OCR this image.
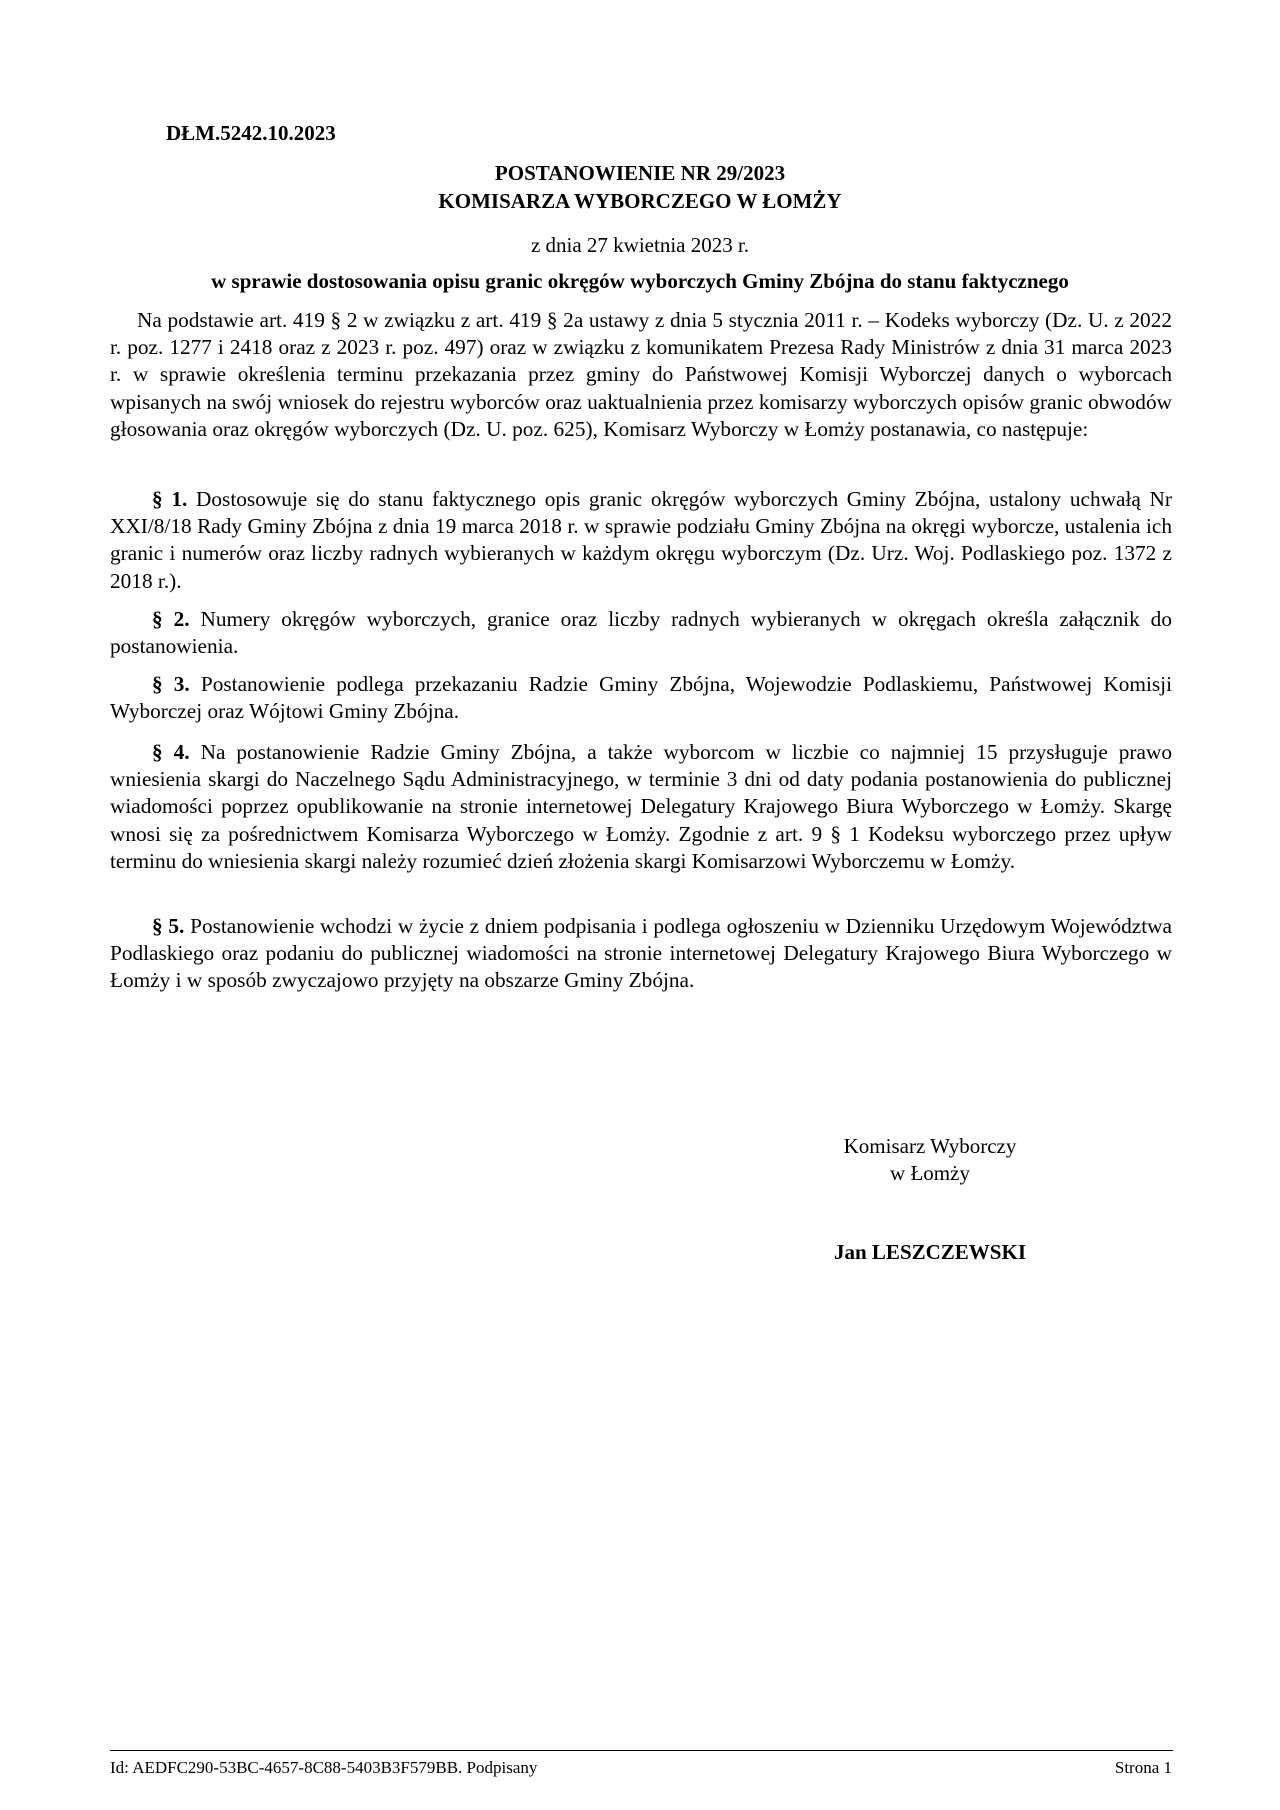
DŁM.5242.10.2023
POSTANOWIENIE NR 29/2023
KOMISARZA WYBORCZEGO W ŁOMŻY
z dnia 27 kwietnia 2023 r.
w sprawie dostosowania opisu granic okręgów wyborczych Gminy Zbójna do stanu faktycznego
Na podstawie art. 419 § 2 w związku z art. 419 § 2a ustawy z dnia 5 stycznia 2011 r. – Kodeks wyborczy (Dz. U. z 2022 r. poz. 1277 i 2418 oraz z 2023 r. poz. 497) oraz w związku z komunikatem Prezesa Rady Ministrów z dnia 31 marca 2023 r. w sprawie określenia terminu przekazania przez gminy do Państwowej Komisji Wyborczej danych o wyborcach wpisanych na swój wniosek do rejestru wyborców oraz uaktualnienia przez komisarzy wyborczych opisów granic obwodów głosowania oraz okręgów wyborczych (Dz. U. poz. 625), Komisarz Wyborczy w Łomży postanawia, co następuje:
§ 1. Dostosowuje się do stanu faktycznego opis granic okręgów wyborczych Gminy Zbójna, ustalony uchwałą Nr XXI/8/18 Rady Gminy Zbójna z dnia 19 marca 2018 r. w sprawie podziału Gminy Zbójna na okręgi wyborcze, ustalenia ich granic i numerów oraz liczby radnych wybieranych w każdym okręgu wyborczym (Dz. Urz. Woj. Podlaskiego poz. 1372 z 2018 r.).
§ 2. Numery okręgów wyborczych, granice oraz liczby radnych wybieranych w okręgach określa załącznik do postanowienia.
§ 3. Postanowienie podlega przekazaniu Radzie Gminy Zbójna, Wojewodzie Podlaskiemu, Państwowej Komisji Wyborczej oraz Wójtowi Gminy Zbójna.
§ 4. Na postanowienie Radzie Gminy Zbójna, a także wyborcom w liczbie co najmniej 15 przysługuje prawo wniesienia skargi do Naczelnego Sądu Administracyjnego, w terminie 3 dni od daty podania postanowienia do publicznej wiadomości poprzez opublikowanie na stronie internetowej Delegatury Krajowego Biura Wyborczego w Łomży. Skargę wnosi się za pośrednictwem Komisarza Wyborczego w Łomży. Zgodnie z art. 9 § 1 Kodeksu wyborczego przez upływ terminu do wniesienia skargi należy rozumieć dzień złożenia skargi Komisarzowi Wyborczemu w Łomży.
§ 5. Postanowienie wchodzi w życie z dniem podpisania i podlega ogłoszeniu w Dzienniku Urzędowym Województwa Podlaskiego oraz podaniu do publicznej wiadomości na stronie internetowej Delegatury Krajowego Biura Wyborczego w Łomży i w sposób zwyczajowo przyjęty na obszarze Gminy Zbójna.
Komisarz Wyborczy
w Łomży
Jan LESZCZEWSKI
Id: AEDFC290-53BC-4657-8C88-5403B3F579BB. Podpisany	Strona 1
